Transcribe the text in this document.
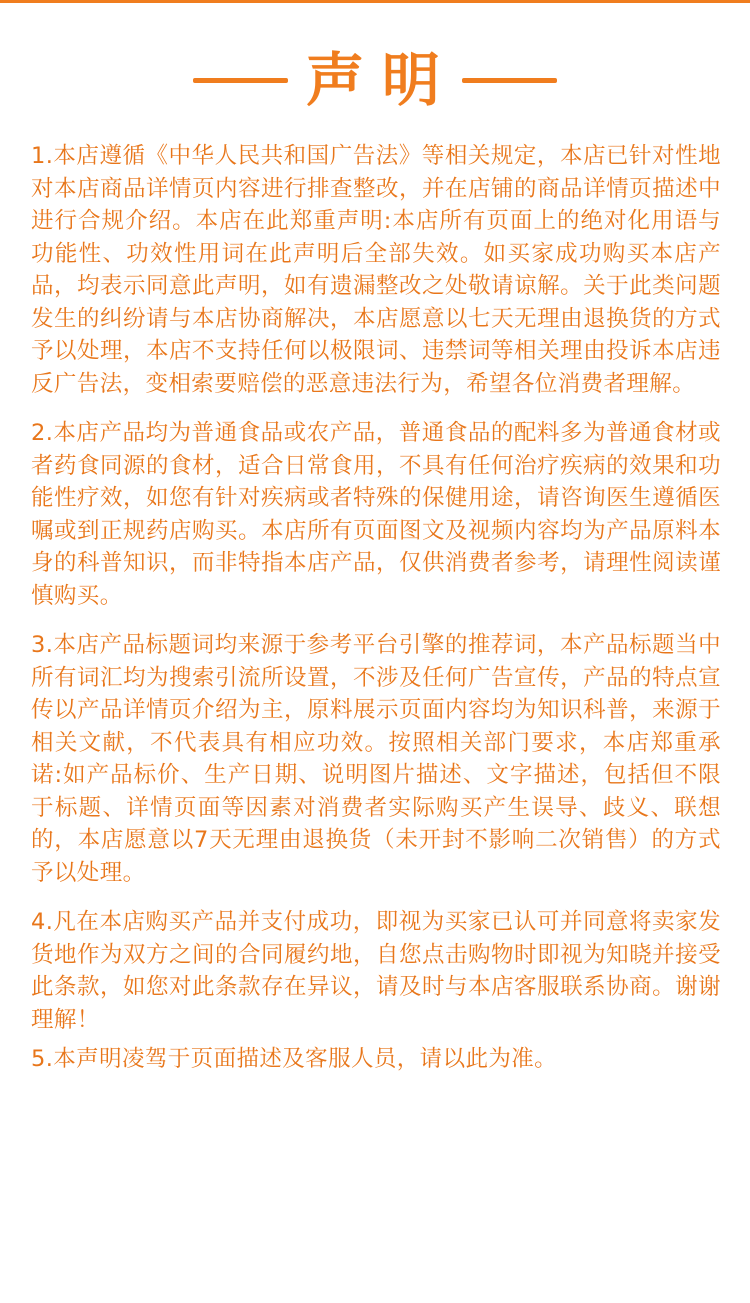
声明

1.本店遵循《中华人民共和国广告法》等相关规定，本店已针对性地对本店商品详情页内容进行排查整改，并在店铺的商品详情页描述中进行合规介绍。本店在此郑重声明:本店所有页面上的绝对化用语与功能性、功效性用词在此声明后全部失效。如买家成功购买本店产品，均表示同意此声明，如有遗漏整改之处敬请谅解。关于此类问题发生的纠纷请与本店协商解决，本店愿意以七天无理由退换货的方式予以处理，本店不支持任何以极限词、违禁词等相关理由投诉本店违反广告法，变相索要赔偿的恶意违法行为，希望各位消费者理解。

2.本店产品均为普通食品或农产品，普通食品的配料多为普通食材或者药食同源的食材，适合日常食用，不具有任何治疗疾病的效果和功能性疗效，如您有针对疾病或者特殊的保健用途，请咨询医生遵循医嘱或到正规药店购买。本店所有页面图文及视频内容均为产品原料本身的科普知识，而非特指本店产品，仅供消费者参考，请理性阅读谨慎购买。

3.本店产品标题词均来源于参考平台引擎的推荐词，本产品标题当中所有词汇均为搜索引流所设置，不涉及任何广告宣传，产品的特点宣传以产品详情页介绍为主，原料展示页面内容均为知识科普，来源于相关文献，不代表具有相应功效。按照相关部门要求，本店郑重承诺:如产品标价、生产日期、说明图片描述、文字描述，包括但不限于标题、详情页面等因素对消费者实际购买产生误导、歧义、联想的，本店愿意以7天无理由退换货（未开封不影响二次销售）的方式予以处理。

4.凡在本店购买产品并支付成功，即视为买家已认可并同意将卖家发货地作为双方之间的合同履约地，自您点击购物时即视为知晓并接受此条款，如您对此条款存在异议，请及时与本店客服联系协商。谢谢理解！

5.本声明凌驾于页面描述及客服人员，请以此为准。
